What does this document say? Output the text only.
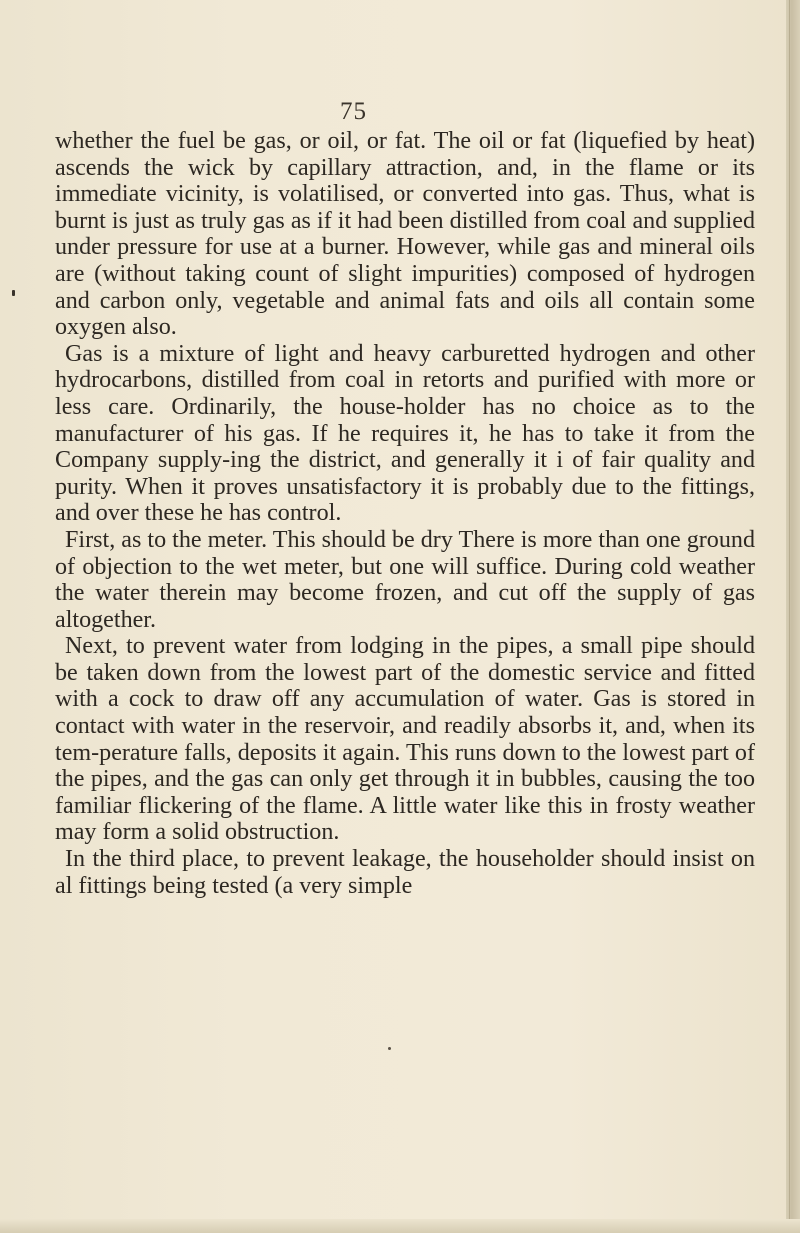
75

whether the fuel be gas, or oil, or fat. The oil or fat (liquefied by heat) ascends the wick by capillary attraction, and, in the flame or its immediate vicinity, is volatilised, or converted into gas. Thus, what is burnt is just as truly gas as if it had been distilled from coal and supplied under pressure for use at a burner. However, while gas and mineral oils are (without taking count of slight impurities) composed of hydrogen and carbon only, vegetable and animal fats and oils all contain some oxygen also.

Gas is a mixture of light and heavy carburetted hydrogen and other hydrocarbons, distilled from coal in retorts and purified with more or less care. Ordinarily, the house-holder has no choice as to the manufacturer of his gas. If he requires it, he has to take it from the Company supply-ing the district, and generally it i of fair quality and purity. When it proves unsatisfactory it is probably due to the fittings, and over these he has control.

First, as to the meter. This should be dry There is more than one ground of objection to the wet meter, but one will suffice. During cold weather the water therein may become frozen, and cut off the supply of gas altogether.

Next, to prevent water from lodging in the pipes, a small pipe should be taken down from the lowest part of the domestic service and fitted with a cock to draw off any accumulation of water. Gas is stored in contact with water in the reservoir, and readily absorbs it, and, when its tem-perature falls, deposits it again. This runs down to the lowest part of the pipes, and the gas can only get through it in bubbles, causing the too familiar flickering of the flame. A little water like this in frosty weather may form a solid obstruction.

In the third place, to prevent leakage, the householder should insist on al fittings being tested (a very simple
